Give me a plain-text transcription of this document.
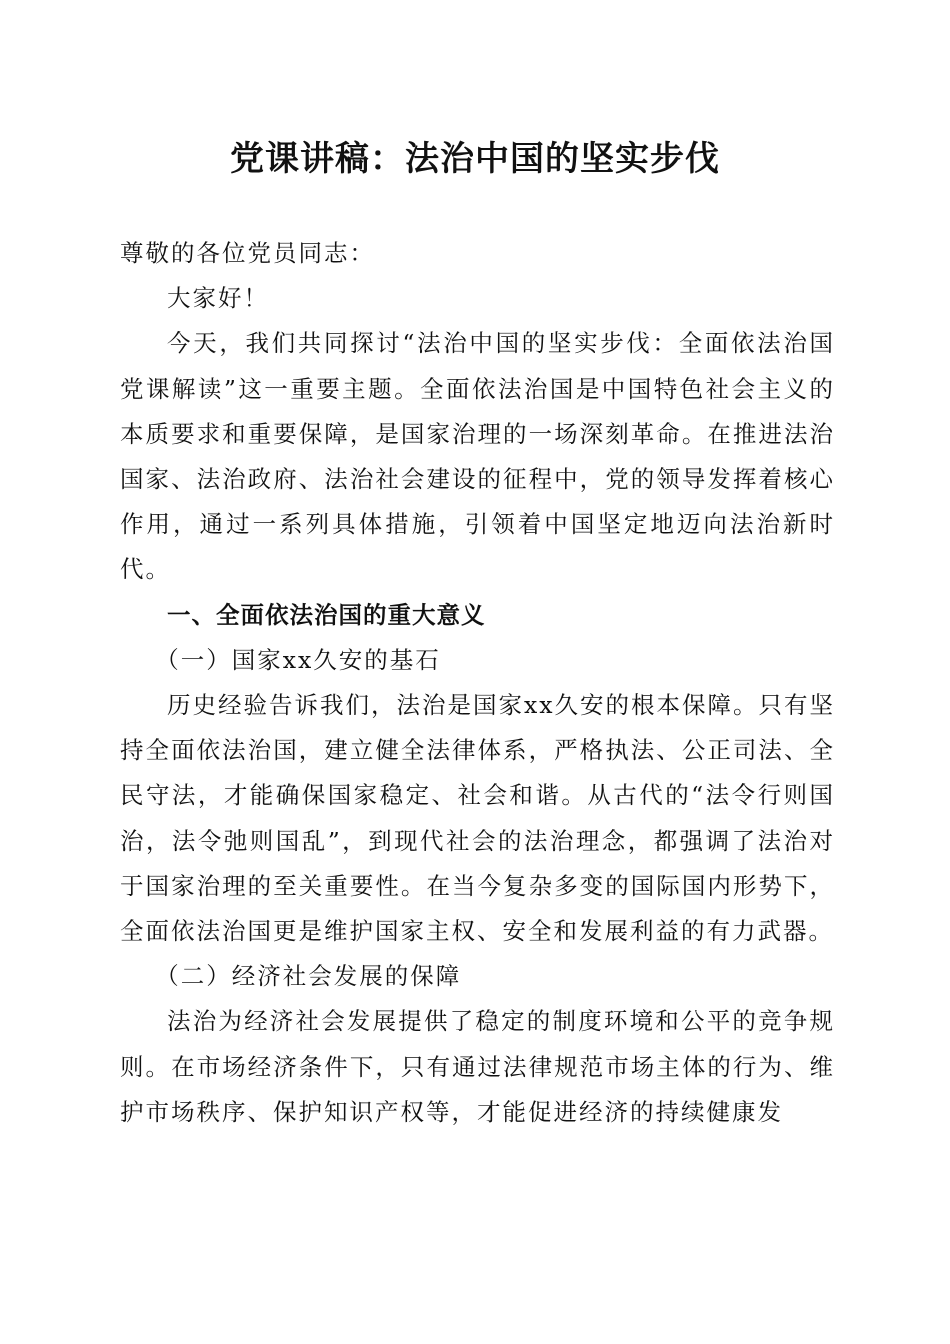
党课讲稿：法治中国的坚实步伐

尊敬的各位党员同志：

大家好！

今天，我们共同探讨“法治中国的坚实步伐：全面依法治国党课解读”这一重要主题。全面依法治国是中国特色社会主义的本质要求和重要保障，是国家治理的一场深刻革命。在推进法治国家、法治政府、法治社会建设的征程中，党的领导发挥着核心作用，通过一系列具体措施，引领着中国坚定地迈向法治新时代。

一、全面依法治国的重大意义

（一）国家xx久安的基石

历史经验告诉我们，法治是国家xx久安的根本保障。只有坚持全面依法治国，建立健全法律体系，严格执法、公正司法、全民守法，才能确保国家稳定、社会和谐。从古代的“法令行则国治，法令弛则国乱”，到现代社会的法治理念，都强调了法治对于国家治理的至关重要性。在当今复杂多变的国际国内形势下，全面依法治国更是维护国家主权、安全和发展利益的有力武器。

（二）经济社会发展的保障

法治为经济社会发展提供了稳定的制度环境和公平的竞争规则。在市场经济条件下，只有通过法律规范市场主体的行为、维护市场秩序、保护知识产权等，才能促进经济的持续健康发
